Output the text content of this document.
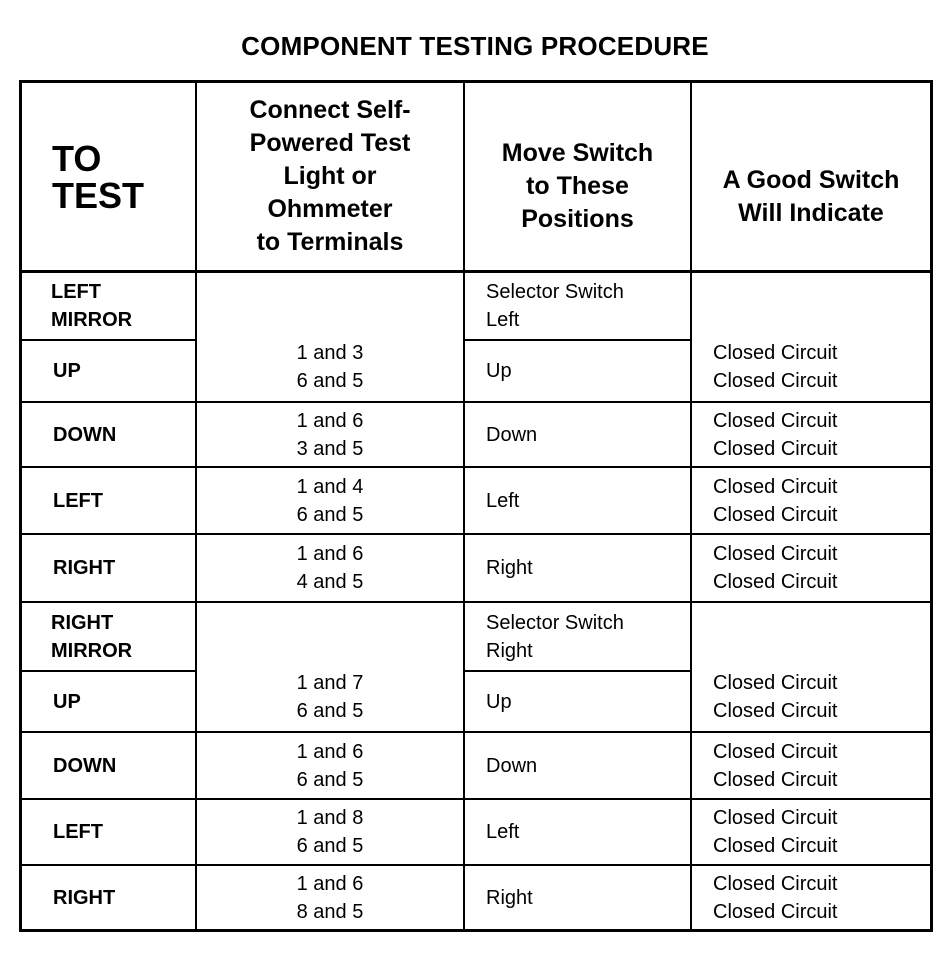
COMPONENT TESTING PROCEDURE
TO
TEST
Connect Self-
Powered Test
Light or
Ohmmeter
to Terminals
Move Switch
to These
Positions
A Good Switch
Will Indicate
LEFT
MIRROR
Selector Switch
Left
UP
1 and 3
6 and 5	Up
Closed Circuit
Closed Circuit
DOWN
1 and 6
3 and 5
Down
Closed Circuit
Closed Circuit
LEFT
1 and 4
6 and 5
Left
Closed Circuit
Closed Circuit
RIGHT
1 and 6
4 and 5
Right
Closed Circuit
Closed Circuit
RIGHT
MIRROR
Selector Switch
Right
UP
1 and 7
6 and 5	Up
Closed Circuit
Closed Circuit
DOWN
1 and 6
6 and 5
Down
Closed Circuit
Closed Circuit
LEFT
1 and 8
6 and 5
Left
Closed Circuit
Closed Circuit
RIGHT
1 and 6
8 and 5
Right
Closed Circuit
Closed Circuit
